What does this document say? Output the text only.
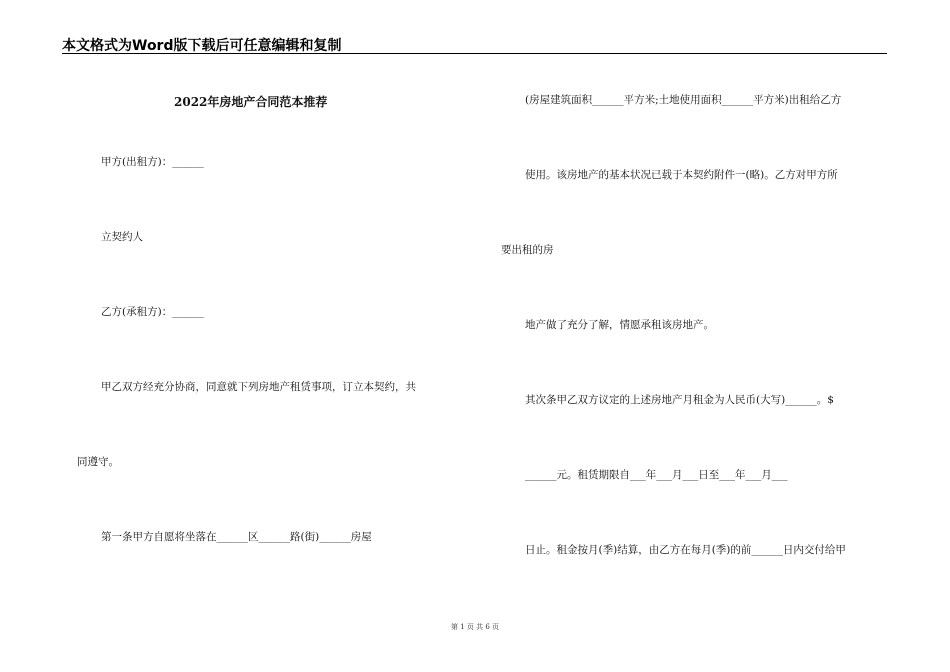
本文格式为Word版下载后可任意编辑和复制
2022年房地产合同范本推荐
甲方(出租方)：______
立契约人
乙方(承租方)：______
甲乙双方经充分协商，同意就下列房地产租赁事项，订立本契约，共
同遵守。
第一条甲方自愿将坐落在______区______路(街)______房屋
(房屋建筑面积______平方米;土地使用面积______平方米)出租给乙方
使用。该房地产的基本状况已载于本契约附件一(略)。乙方对甲方所
要出租的房
地产做了充分了解，情愿承租该房地产。
其次条甲乙双方议定的上述房地产月租金为人民币(大写)______。$
______元。租赁期限自___年___月___日至___年___月___
日止。租金按月(季)结算，由乙方在每月(季)的前______日内交付给甲
第 1 页 共 6 页
